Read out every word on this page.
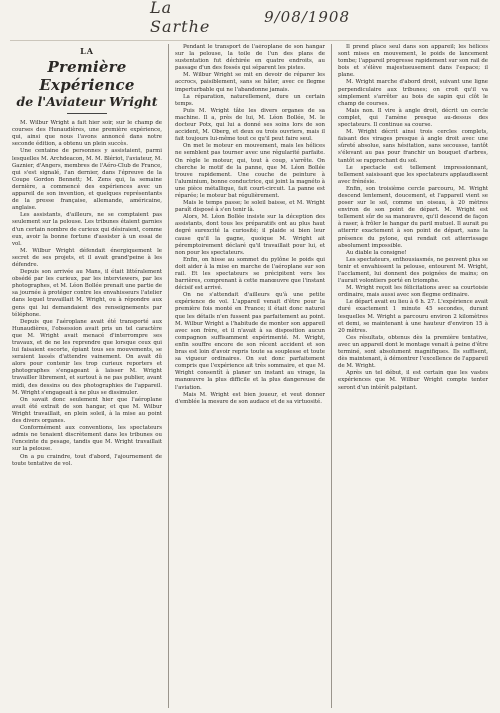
La Sarthe	9/08/1908
LA
Première Expérience
de l'Aviateur Wright

M. Wilbur Wright a fait hier soir, sur le champ de courses des Hunaudières, une première expérience, qui, ainsi que nous l'avons annoncé dans notre seconde édition, a obtenu un plein succès.

Une centaine de personnes y assistaient, parmi lesquelles M. Archdeacon, M. M. Blériot, l'aviateur, M. Gaznier, d'Angers, membres de l'Aéro-Club de France, qui s'est signalé, l'an dernier, dans l'épreuve de la Coupe Gordon Bennett; M. Zens qui, la semaine dernière, a commencé des expériences avec un appareil de son invention, et quelques représentants de la presse française, allemande, américaine, anglaise.

Les assistants, d'ailleurs, ne se comptaient pas seulement sur la pelouse. Les tribunes étaient garnies d'un certain nombre de curieux qui désiraient, comme eux, avoir la bonne fortune d'assister à un essai de vol.

M. Wilbur Wright défendait énergiquement le secret de ses projets, et il avait grand'peine à les défendre.

Depuis son arrivée au Mans, il était littéralement obsédé par les curieux, par les interviewers, par les photographes, et M. Léon Bollée prenait une partie de sa journée à protéger contre les envahisseurs l'atelier dans lequel travaillait M. Wright, ou à répondre aux gens qui lui demandaient des renseignements par téléphone.

Depuis que l'aéroplane avait été transporté aux Hunaudières, l'obsession avait pris un tel caractère que M. Wright avait menacé d'interrompre ses travaux, et de ne les reprendre que lorsque ceux qui lui faisaient escorte, épiant tous ses mouvements, se seraient lassés d'attendre vainement. On avait dû alors pour contenir les trop curieux reporters et photographes s'engageant à laisser M. Wright travailler librement, et surtout à ne pas publier, avant midi, des dessins ou des photographies de l'appareil. M. Wright s'engageait à ne plus se dissimuler.

On savait donc seulement hier que l'aéroplane avait été extrait de son hangar, et que M. Wilbur Wright travaillait, en plein soleil, à la mise au point des divers organes.

Conformément aux conventions, les spectateurs admis ne tenaient discrètement dans les tribunes ou l'enceinte du pesage, tandis que M. Wright travaillait sur la pelouse.

On a pu craindre, tout d'abord, l'ajournement de toute tentative de vol.

Pendant le transport de l'aéroplane de son hangar sur la pelouse, la toile de l'un des plans de sustentation fut déchirée en quatre endroits, au passage d'un des fossés qui séparent les pistes.

M. Wilbur Wright se mit en devoir de réparer les accrocs, paisiblement, sans se hâter, avec ce flegme imperturbable qui ne l'abandonne jamais.

La réparation, naturellement, dure un certain temps.

Puis M. Wright tâte les divers organes de sa machine. Il a, près de lui, M. Léon Bollée, M. le docteur Potx, qui lui a donné ses soins lors de son accident, M. Oberg, et deux ou trois ouvriers, mais il fait toujours lui-même tout ce qu'il peut faire seul.

On met le moteur en mouvement, mais les hélices ne semblent pas tourner avec une régularité parfaite. On règle le moteur, qui, tout à coup, s'arrête. On cherche le motif de la panne, que M. Léon Bollée trouve rapidement. Une couche de peinture à l'aluminium, bonne conductrice, qui joint la magnéto à une pièce métallique, fait court-circuit. La panne est réparée; le moteur bat régulièrement.

Mais le temps passe; le soleil baisse, et M. Wright paraît disposé à s'en tenir là.

Alors, M. Léon Bollée insiste sur la déception des assistants, dont tous les préparatifs ont au plus haut degré surexcité la curiosité; il plaide si bien leur cause qu'il la gagne, quoique M. Wright ait péremptoirement déclaré qu'il travaillait pour lui, et non pour les spectateurs.

Enfin, on hisse au sommet du pylône le poids qui doit aider à la mise en marche de l'aéroplane sur son rail. Et les spectateurs se précipitent vers les barrières, comprenant à cette manœuvre que l'instant décisif est arrivé.

On ne s'attendait d'ailleurs qu'à une petite expérience de vol. L'appareil venait d'être pour la première fois monté en France; il était donc naturel que les détails n'en fussent pas parfaitement au point. M. Wilbur Wright a l'habitude de monter son appareil avec son frère, et il n'avait à sa disposition aucun compagnon suffisamment expérimenté. M. Wright, enfin souffre encore de son récent accident et son bras est loin d'avoir repris toute sa souplesse et toute sa vigueur ordinaires. On sut donc parfaitement compris que l'expérience ait très sommaire, et que M. Wright consentît à planer un instant au virage, la manœuvre la plus difficile et la plus dangereuse de l'aviation.

Mais M. Wright est bien joueur, et veut donner d'emblée la mesure de son audace et de sa virtuosité.

Il prend place seul dans son appareil; les hélices sont mises en mouvement, le poids de lancement tombe; l'appareil progresse rapidement sur son rail de bois et s'élève majestueusement dans l'espace; il plane.

M. Wright marche d'abord droit, suivant une ligne perpendiculaire aux tribunes; on croit qu'il va simplement s'arrêter au bois de sapin qui clôt le champ de courses.

Mais non. Il vire à angle droit, décrit un cercle complet, qui l'amène presque au-dessus des spectateurs. Il continue sa course.

M. Wright décrit ainsi trois cercles complets, faisant des virages presque à angle droit avec une sûreté absolue, sans hésitation, sans secousse, tantôt s'élevant au pas pour franchir un bouquet d'arbres, tantôt se rapprochant du sol.

Le spectacle est tellement impressionnant, tellement saisissant que les spectateurs applaudissent avec frénésie.

Enfin, son troisième cercle parcouru, M. Wright descend lentement, doucement, et l'appareil vient se poser sur le sol, comme un oiseau, à 20 mètres environ de son point de départ. M. Wright est tellement sûr de sa manœuvre, qu'il descend de façon à raser, à frôler le hangar du paril mutuel. Il aurait pu atterrir exactement à son point de départ, sans la présence du pylone, qui rendait cet atterrissage absolument impossible.

Au diable la consigne!

Les spectateurs, enthousiasmés, ne peuvent plus se tenir et envahissent la pelouse, entourent M. Wright, l'acclament, lui donnent des poignées de mains; on l'aurait volontiers porté en triomphe.

M. Wright reçoit les félicitations avec sa courtoisie ordinaire, mais aussi avec son flegme ordinaire.

Le départ avait eu lieu à 6 h. 27. L'expérience avait duré exactement 1 minute 45 secondes, durant lesquelles M. Wright a parcouru environ 2 kilomètres et demi, se maintenant à une hauteur d'environ 15 à 20 mètres.

Ces résultats, obtenus dès la première tentative, avec un appareil dont le montage venait à peine d'être terminé, sont absolument magnifiques. Ils suffisent, dès maintenant, à démontrer l'excellence de l'appareil de M. Wright.

Après un tel début, il est certain que les vastes expériences que M. Wilbur Wright compte tenter seront d'un intérêt palpitant.
